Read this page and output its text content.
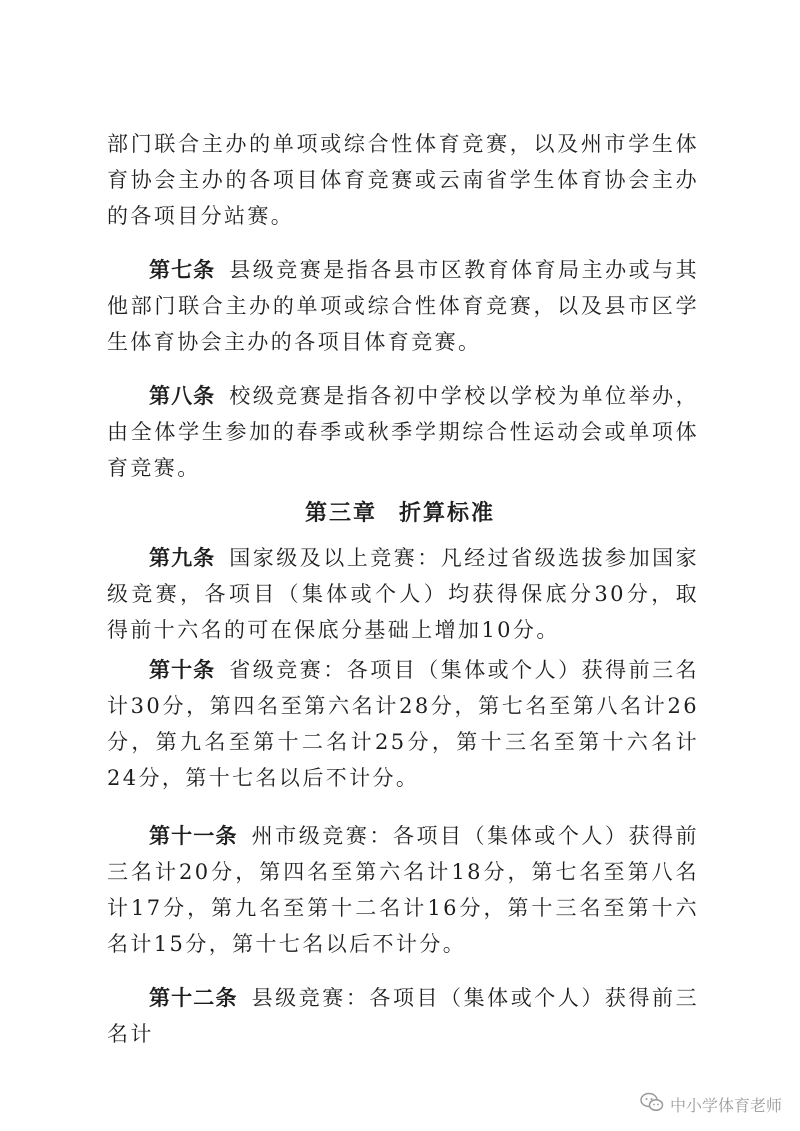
部门联合主办的单项或综合性体育竞赛，以及州市学生体育协会主办的各项目体育竞赛或云南省学生体育协会主办的各项目分站赛。

第七条 县级竞赛是指各县市区教育体育局主办或与其他部门联合主办的单项或综合性体育竞赛，以及县市区学生体育协会主办的各项目体育竞赛。

第八条 校级竞赛是指各初中学校以学校为单位举办，由全体学生参加的春季或秋季学期综合性运动会或单项体育竞赛。

第三章 折算标准

第九条 国家级及以上竞赛：凡经过省级选拔参加国家级竞赛，各项目（集体或个人）均获得保底分30分，取得前十六名的可在保底分基础上增加10分。

第十条 省级竞赛：各项目（集体或个人）获得前三名计30分，第四名至第六名计28分，第七名至第八名计26分，第九名至第十二名计25分，第十三名至第十六名计24分，第十七名以后不计分。

第十一条 州市级竞赛：各项目（集体或个人）获得前三名计20分，第四名至第六名计18分，第七名至第八名计17分，第九名至第十二名计16分，第十三名至第十六名计15分，第十七名以后不计分。

第十二条 县级竞赛：各项目（集体或个人）获得前三名计

中小学体育老师
